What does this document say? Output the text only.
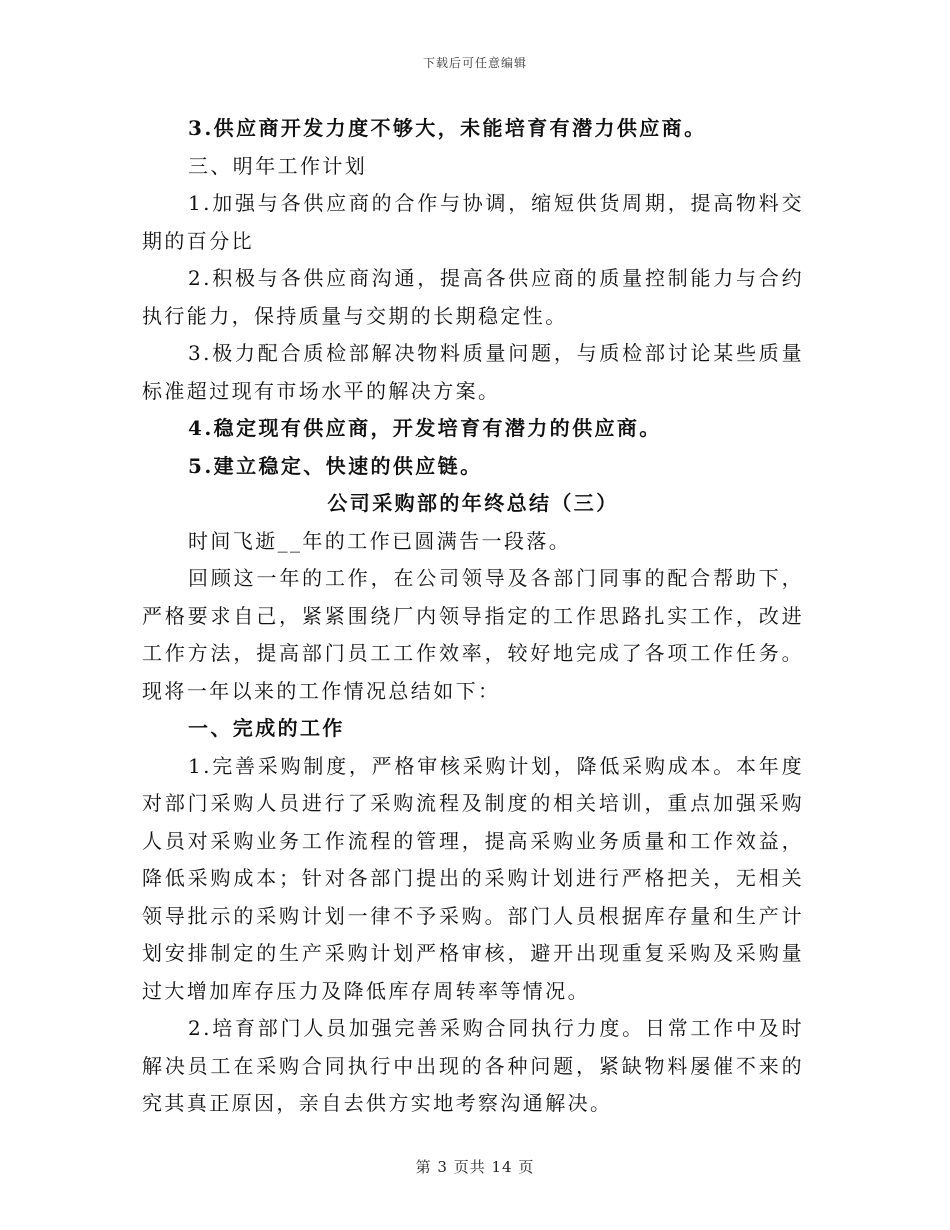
下载后可任意编辑

3.供应商开发力度不够大，未能培育有潜力供应商。

三、明年工作计划

1.加强与各供应商的合作与协调，缩短供货周期，提高物料交期的百分比

2.积极与各供应商沟通，提高各供应商的质量控制能力与合约执行能力，保持质量与交期的长期稳定性。

3.极力配合质检部解决物料质量问题，与质检部讨论某些质量标准超过现有市场水平的解决方案。

4.稳定现有供应商，开发培育有潜力的供应商。

5.建立稳定、快速的供应链。

公司采购部的年终总结（三）

时间飞逝__年的工作已圆满告一段落。

回顾这一年的工作，在公司领导及各部门同事的配合帮助下，严格要求自己，紧紧围绕厂内领导指定的工作思路扎实工作，改进工作方法，提高部门员工工作效率，较好地完成了各项工作任务。现将一年以来的工作情况总结如下：

一、完成的工作

1.完善采购制度，严格审核采购计划，降低采购成本。本年度对部门采购人员进行了采购流程及制度的相关培训，重点加强采购人员对采购业务工作流程的管理，提高采购业务质量和工作效益，降低采购成本；针对各部门提出的采购计划进行严格把关，无相关领导批示的采购计划一律不予采购。部门人员根据库存量和生产计划安排制定的生产采购计划严格审核，避开出现重复采购及采购量过大增加库存压力及降低库存周转率等情况。

2.培育部门人员加强完善采购合同执行力度。日常工作中及时解决员工在采购合同执行中出现的各种问题，紧缺物料屡催不来的究其真正原因，亲自去供方实地考察沟通解决。

第 3 页共 14 页
